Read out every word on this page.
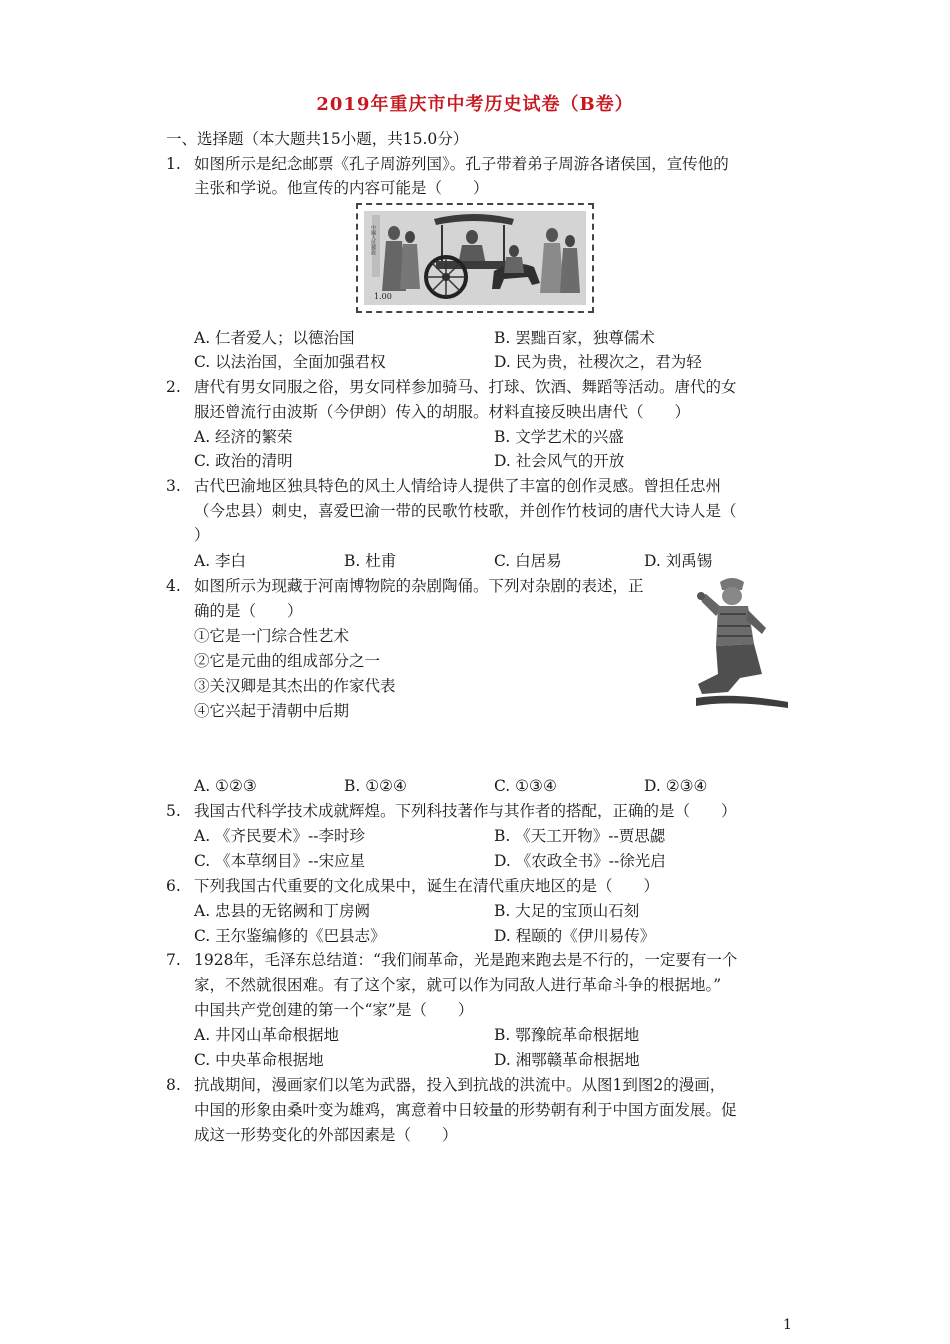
2019年重庆市中考历史试卷（B卷）
一、选择题（本大题共15小题，共15.0分）
1. 如图所示是纪念邮票《孔子周游列国》。孔子带着弟子周游各诸侯国，宣传他的
主张和学说。他宣传的内容可能是（　　）
中國人民郵政
1.00
A. 仁者爱人；以德治国	B. 罢黜百家，独尊儒术
C. 以法治国，全面加强君权	D. 民为贵，社稷次之，君为轻
2. 唐代有男女同服之俗，男女同样参加骑马、打球、饮酒、舞蹈等活动。唐代的女
服还曾流行由波斯（今伊朗）传入的胡服。材料直接反映出唐代（　　）
A. 经济的繁荣	B. 文学艺术的兴盛
C. 政治的清明	D. 社会风气的开放
3. 古代巴渝地区独具特色的风土人情给诗人提供了丰富的创作灵感。曾担任忠州
（今忠县）刺史，喜爱巴渝一带的民歌竹枝歌，并创作竹枝词的唐代大诗人是（
）
A. 李白	B. 杜甫	C. 白居易	D. 刘禹锡
4. 如图所示为现藏于河南博物院的杂剧陶俑。下列对杂剧的表述，正
确的是（　　）
①它是一门综合性艺术
②它是元曲的组成部分之一
③关汉卿是其杰出的作家代表
④它兴起于清朝中后期
A. ①②③	B. ①②④	C. ①③④	D. ②③④
5. 我国古代科学技术成就辉煌。下列科技著作与其作者的搭配，正确的是（　　）
A. 《齐民要术》--李时珍	B. 《天工开物》--贾思勰
C. 《本草纲目》--宋应星	D. 《农政全书》--徐光启
6. 下列我国古代重要的文化成果中，诞生在清代重庆地区的是（　　）
A. 忠县的无铭阙和丁房阙	B. 大足的宝顶山石刻
C. 王尔鉴编修的《巴县志》	D. 程颐的《伊川易传》
7. 1928年，毛泽东总结道：“我们闹革命，光是跑来跑去是不行的，一定要有一个
家，不然就很困难。有了这个家，就可以作为同敌人进行革命斗争的根据地。”
中国共产党创建的第一个“家”是（　　）
A. 井冈山革命根据地	B. 鄂豫皖革命根据地
C. 中央革命根据地	D. 湘鄂赣革命根据地
8. 抗战期间，漫画家们以笔为武器，投入到抗战的洪流中。从图1到图2的漫画，
中国的形象由桑叶变为雄鸡，寓意着中日较量的形势朝有利于中国方面发展。促
成这一形势变化的外部因素是（　　）
1
